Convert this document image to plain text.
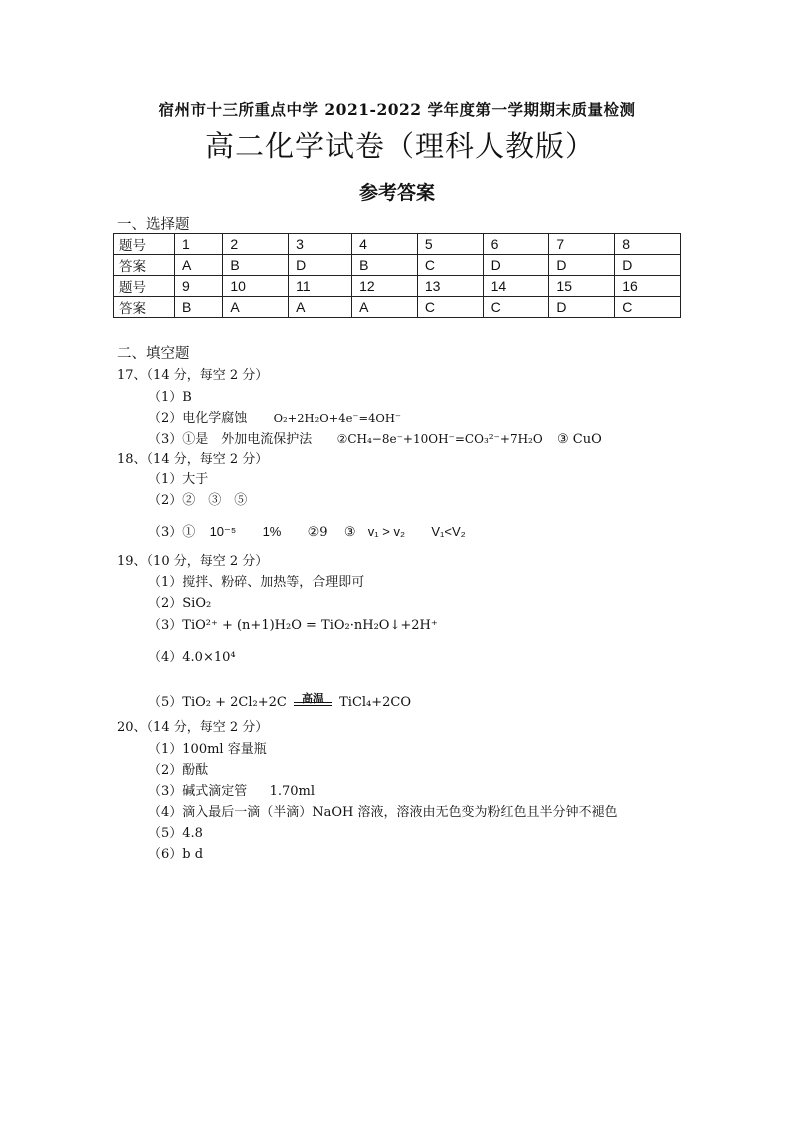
宿州市十三所重点中学 2021-2022 学年度第一学期期末质量检测
高二化学试卷（理科人教版）
参考答案
一、选择题
题号	1	2	3	4	5	6	7	8
答案	A	B	D	B	C	D	D	D
题号	9	10	11	12	13	14	15	16
答案	B	A	A	A	C	C	D	C
二、填空题
17、（14 分，每空 2 分）
（1）B
（2）电化学腐蚀 O₂+2H₂O+4e⁻=4OH⁻
（3）①是　外加电流保护法 ②CH₄−8e⁻+10OH⁻=CO₃²⁻+7H₂O ③ CuO
18、（14 分，每空 2 分）
（1）大于
（2）②　③　⑤
（3）① 10⁻⁵ 1% ②9 ③ v₁ > v₂ V₁<V₂
19、（10 分，每空 2 分）
（1）搅拌、粉碎、加热等，合理即可
（2）SiO₂
（3）TiO²⁺ + (n+1)H₂O = TiO₂·nH₂O↓+2H⁺
（4）4.0×10⁴
（5）TiO₂ + 2Cl₂+2C	高温	TiCl₄+2CO
20、（14 分，每空 2 分）
（1）100ml 容量瓶
（2）酚酞
（3）碱式滴定管 1.70ml
（4）滴入最后一滴（半滴）NaOH 溶液，溶液由无色变为粉红色且半分钟不褪色
（5）4.8
（6）b d
